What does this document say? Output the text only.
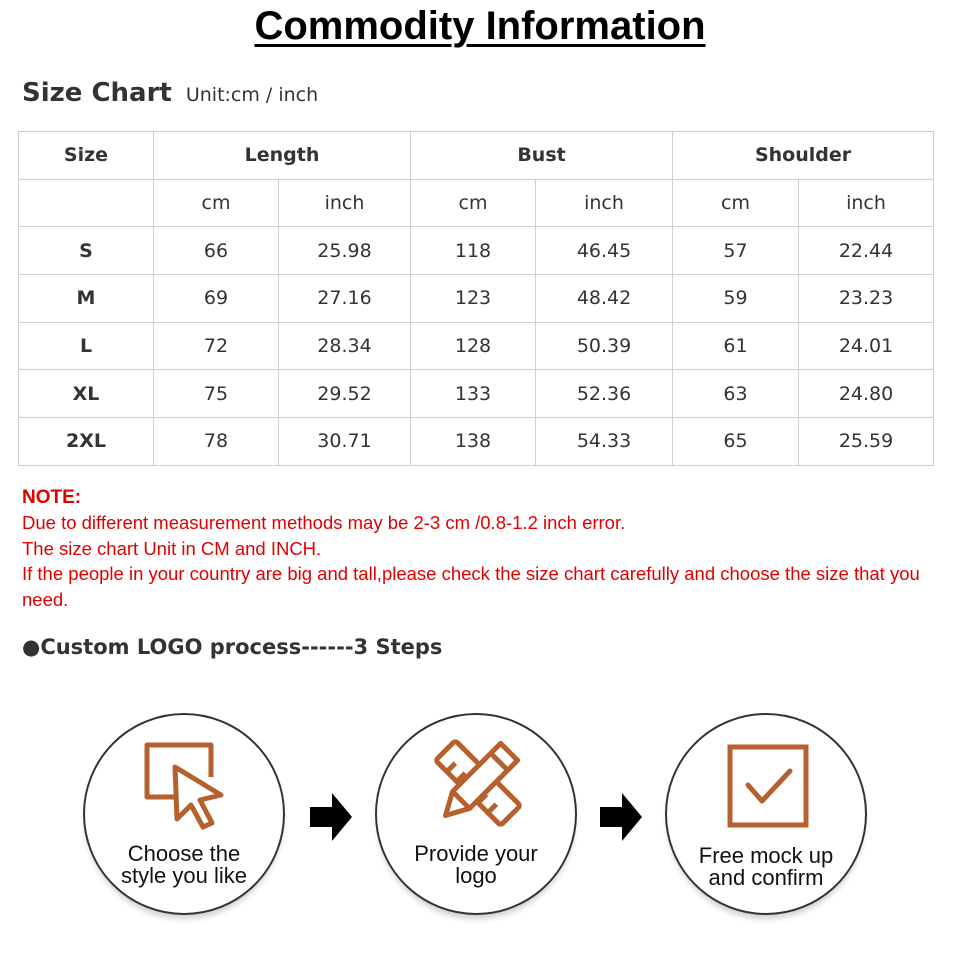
Commodity Information
Size Chart Unit:cm / inch
Size	Length		Bust		Shoulder	
	cm	inch	cm	inch	cm	inch
S	66	25.98	118	46.45	57	22.44
M	69	27.16	123	48.42	59	23.23
L	72	28.34	128	50.39	61	24.01
XL	75	29.52	133	52.36	63	24.80
2XL	78	30.71	138	54.33	65	25.59
NOTE:
Due to different measurement methods may be 2-3 cm /0.8-1.2 inch error.
The size chart Unit in CM and INCH.
If the people in your country are big and tall,please check the size chart carefully and choose the size that you need.
●Custom LOGO process------3 Steps
Choose the
style you like
Provide your
logo
Free mock up
and confirm
